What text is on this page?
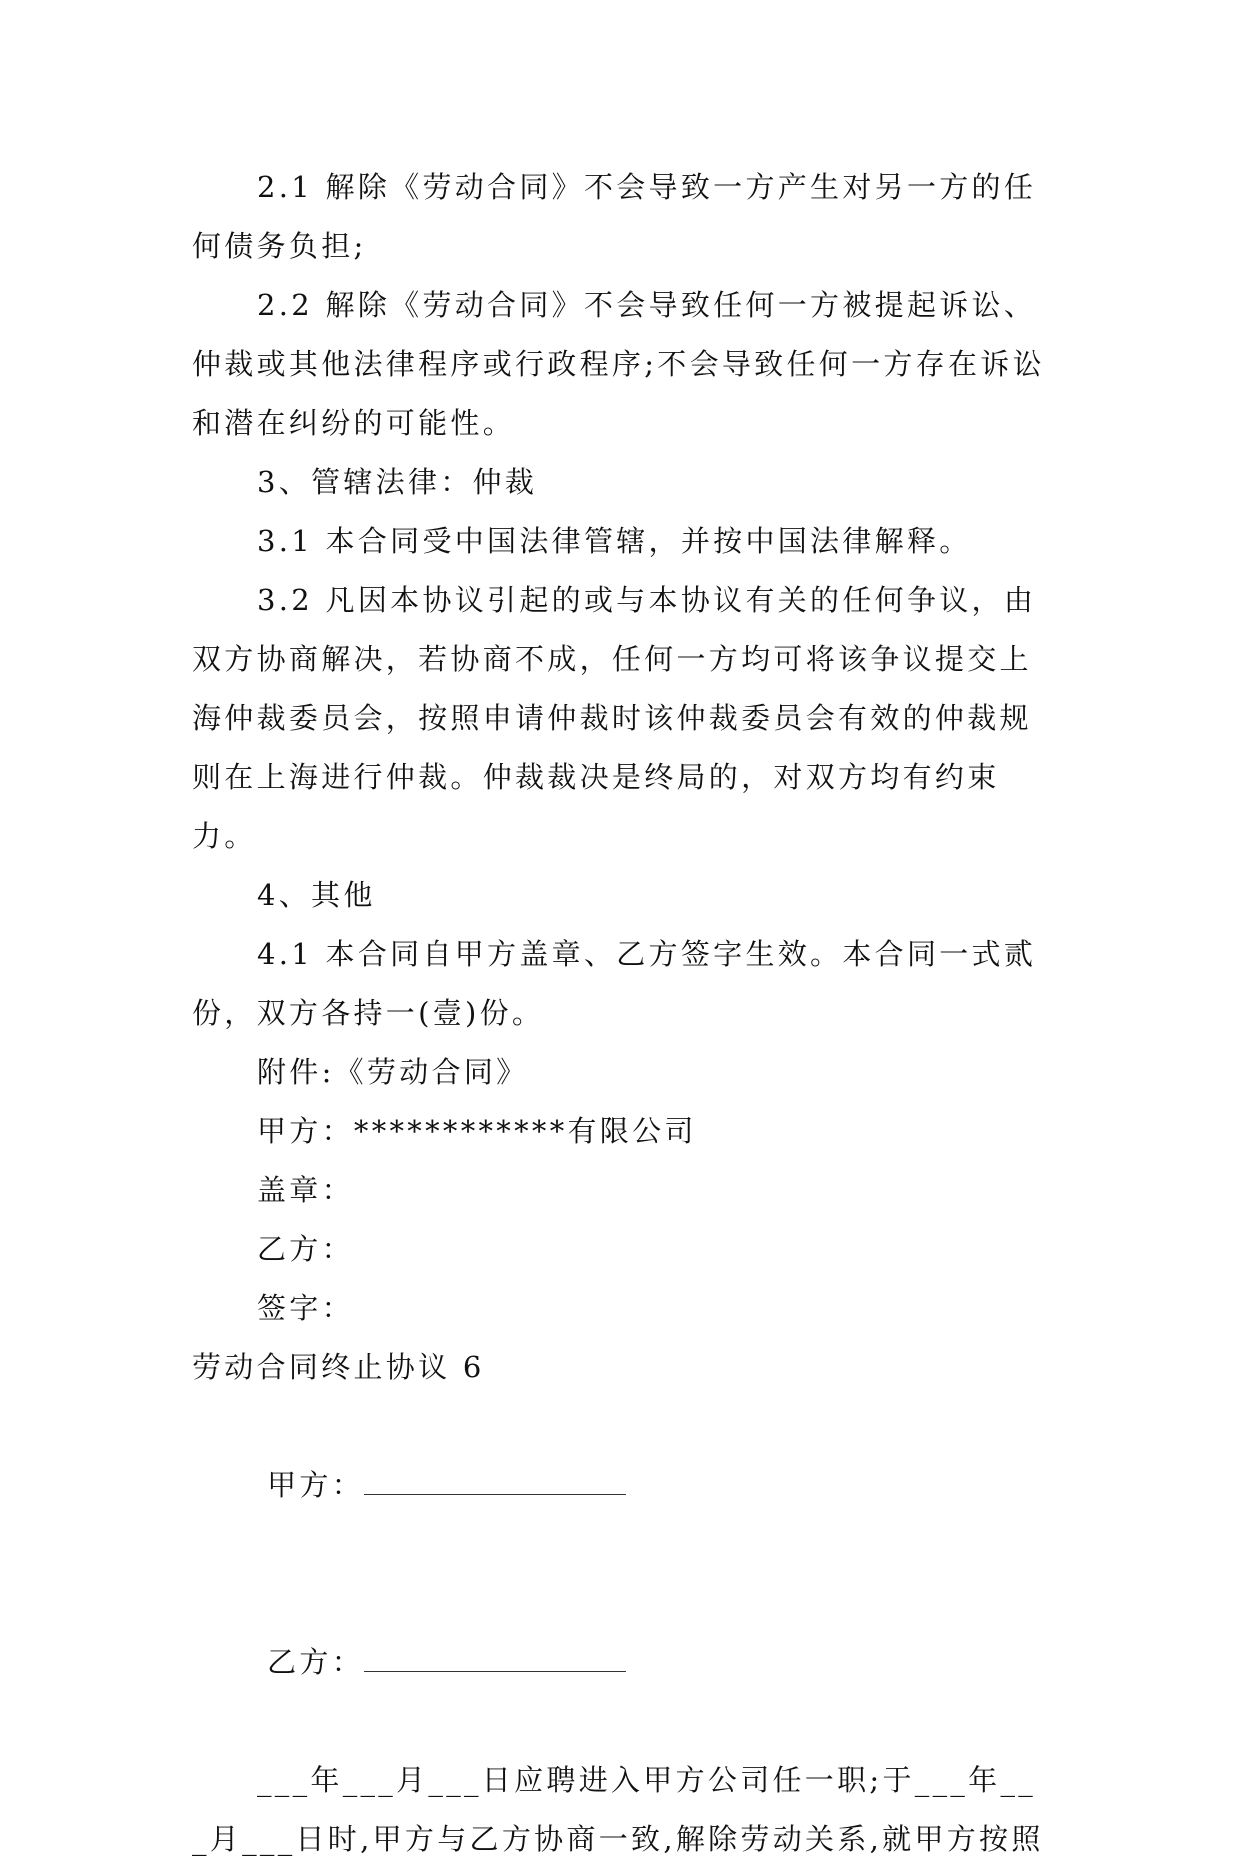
2.1 解除《劳动合同》不会导致一方产生对另一方的任何债务负担;

2.2 解除《劳动合同》不会导致任何一方被提起诉讼、仲裁或其他法律程序或行政程序;不会导致任何一方存在诉讼和潜在纠纷的可能性。

3、管辖法律：仲裁

3.1 本合同受中国法律管辖，并按中国法律解释。

3.2 凡因本协议引起的或与本协议有关的任何争议，由双方协商解决，若协商不成，任何一方均可将该争议提交上海仲裁委员会，按照申请仲裁时该仲裁委员会有效的仲裁规则在上海进行仲裁。仲裁裁决是终局的，对双方均有约束力。

4、其他

4.1 本合同自甲方盖章、乙方签字生效。本合同一式贰份，双方各持一(壹)份。

附件:《劳动合同》

甲方：************有限公司

盖章：

乙方：

签字：

劳动合同终止协议 6

甲方：

乙方：

___年___月___日应聘进入甲方公司任一职;于___年___月___日时,甲方与乙方协商一致,解除劳动关系,就甲方按照
